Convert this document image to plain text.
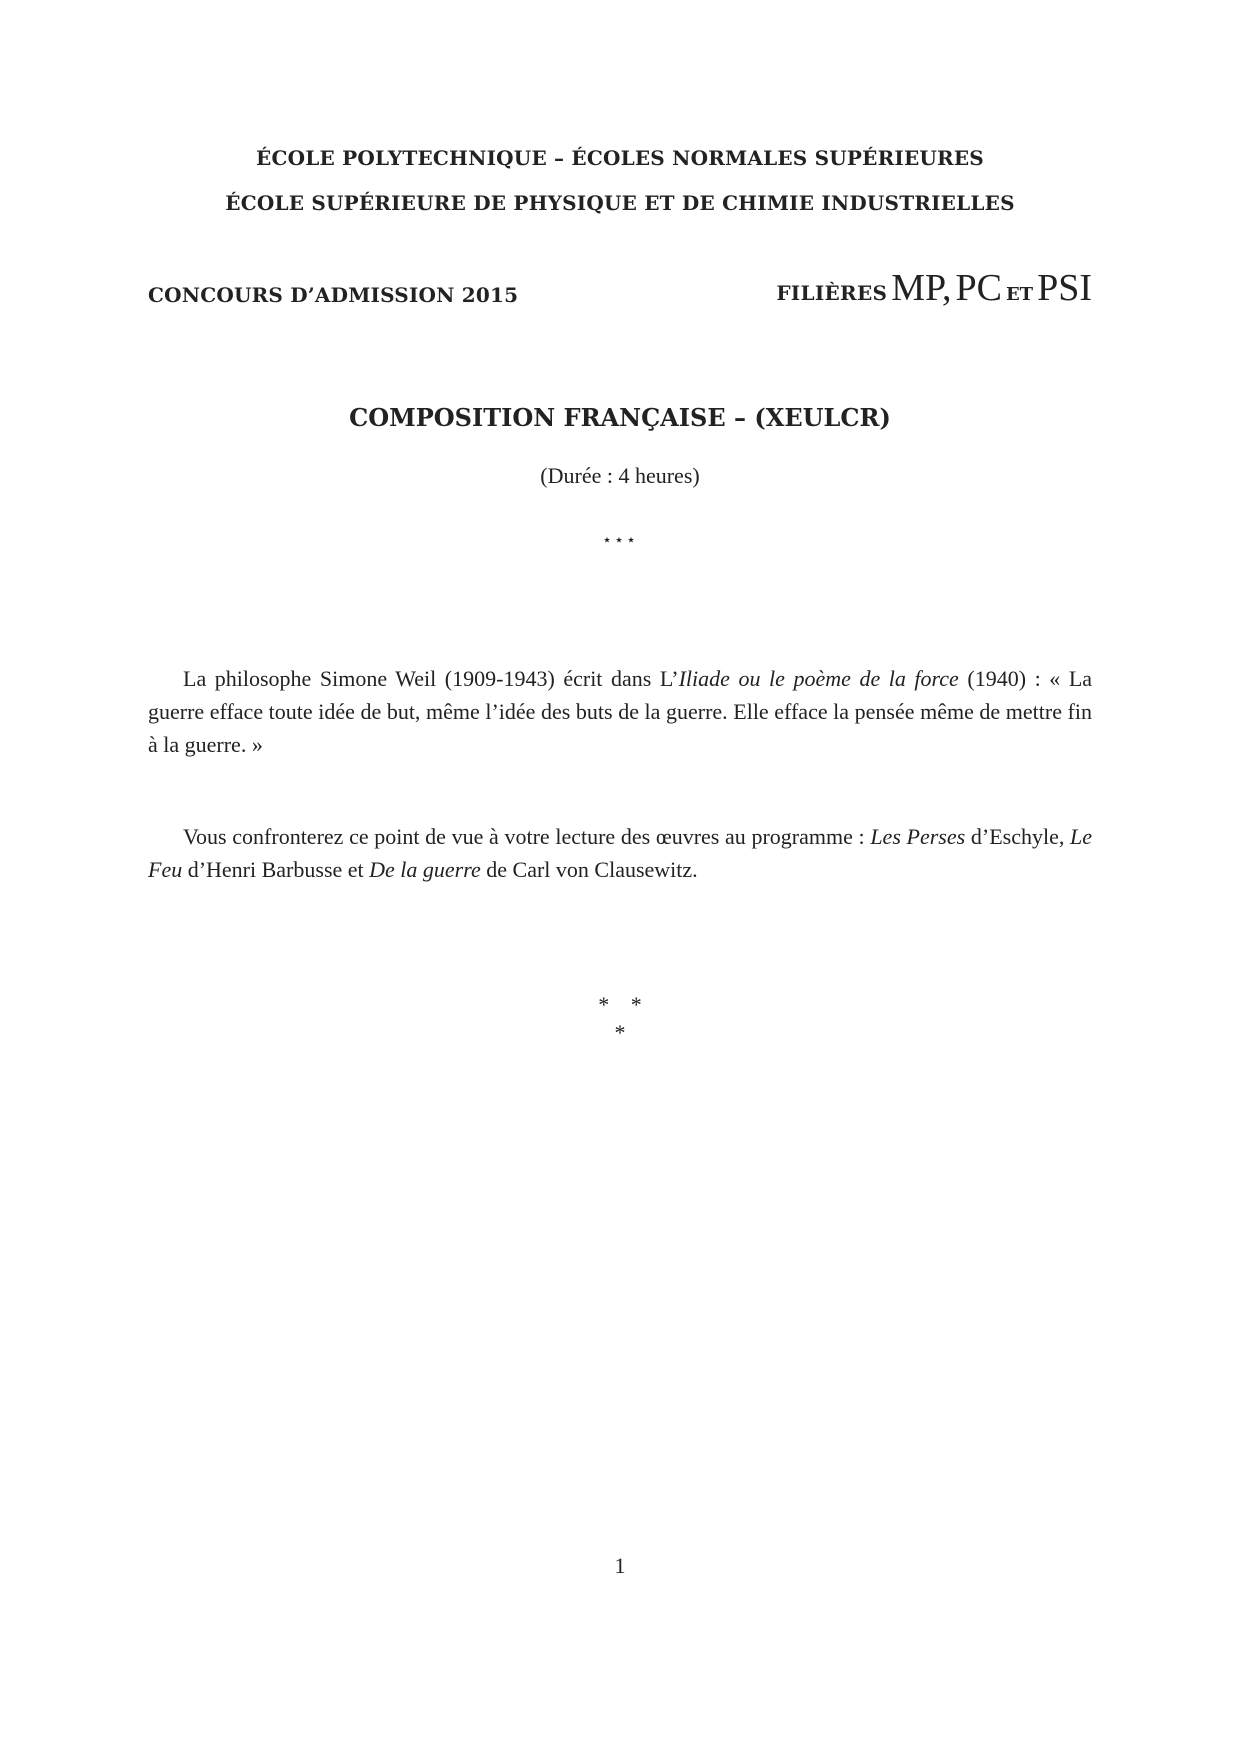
ÉCOLE POLYTECHNIQUE – ÉCOLES NORMALES SUPÉRIEURES
ÉCOLE SUPÉRIEURE DE PHYSIQUE ET DE CHIMIE INDUSTRIELLES
CONCOURS D’ADMISSION 2015	FILIÈRES MP, PC ET PSI
COMPOSITION FRANÇAISE – (XEULCR)
(Durée : 4 heures)
⋆⋆⋆
La philosophe Simone Weil (1909-1943) écrit dans L’Iliade ou le poème de la force (1940) : « La guerre efface toute idée de but, même l’idée des buts de la guerre. Elle efface la pensée même de mettre fin à la guerre. »
Vous confronterez ce point de vue à votre lecture des œuvres au programme : Les Perses d’Eschyle, Le Feu d’Henri Barbusse et De la guerre de Carl von Clausewitz.
* *
*
1
